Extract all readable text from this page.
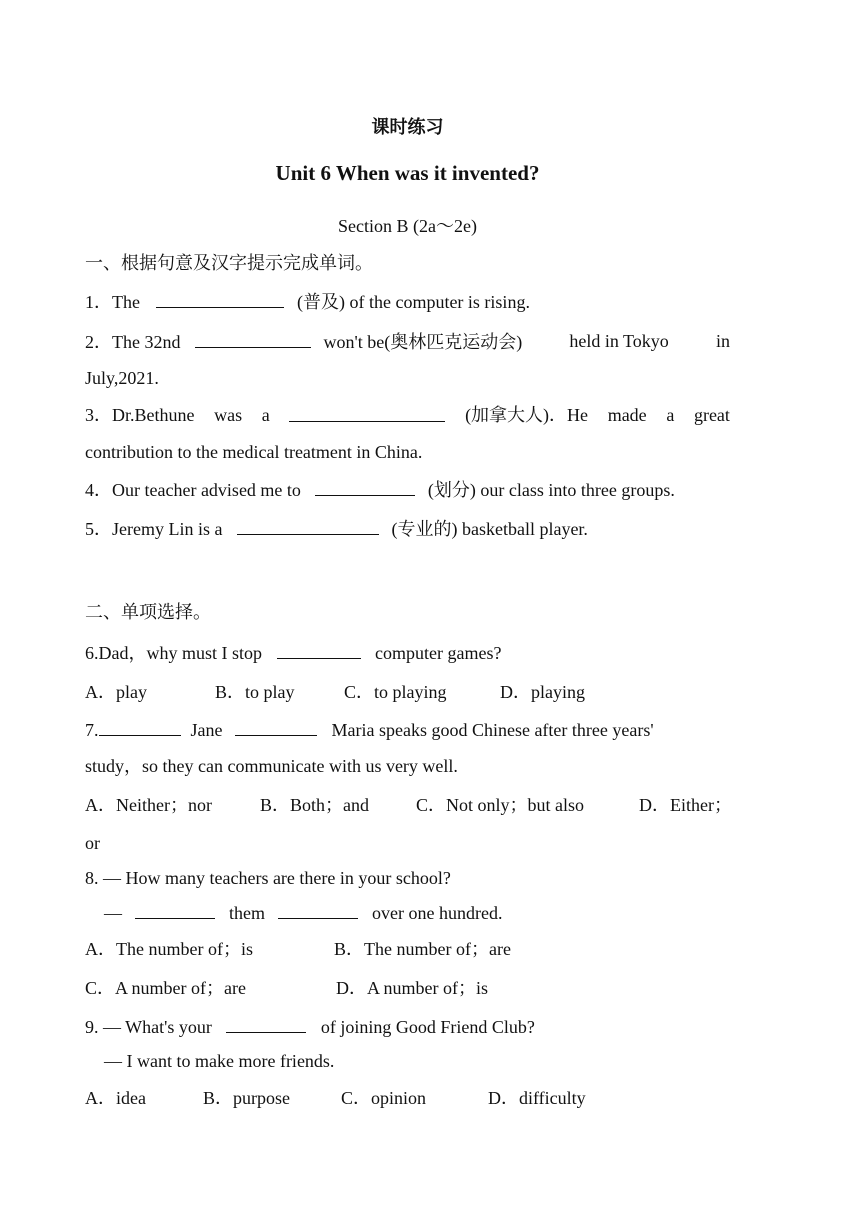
课时练习
Unit 6 When was it invented?
Section B (2a～2e)
一、根据句意及汉字提示完成单词。
1．The	(普及) of the computer is rising.
2．The 32nd	won't be(奥林匹克运动会)	held in Tokyo	in
July,2021.
3．Dr.Bethune was a	(加拿大人)．He made a great
contribution to the medical treatment in China.
4．Our teacher advised me to	(划分) our class into three groups.
5．Jeremy Lin is a	(专业的) basketball player.
二、单项选择。
6.Dad，why must I stop	computer games?
A．play	B．to play	C．to playing	D．playing
7.	Jane	Maria speaks good Chinese after three years'
study，so they can communicate with us very well.
A．Neither；nor	B．Both；and	C．Not only；but also	D．Either；
or
8. — How many teachers are there in your school?
—	them	over one hundred.
A．The number of；is	B．The number of；are
C．A number of；are	D．A number of；is
9. — What's your	of joining Good Friend Club?
— I want to make more friends.
A．idea	B．purpose	C．opinion	D．difficulty
